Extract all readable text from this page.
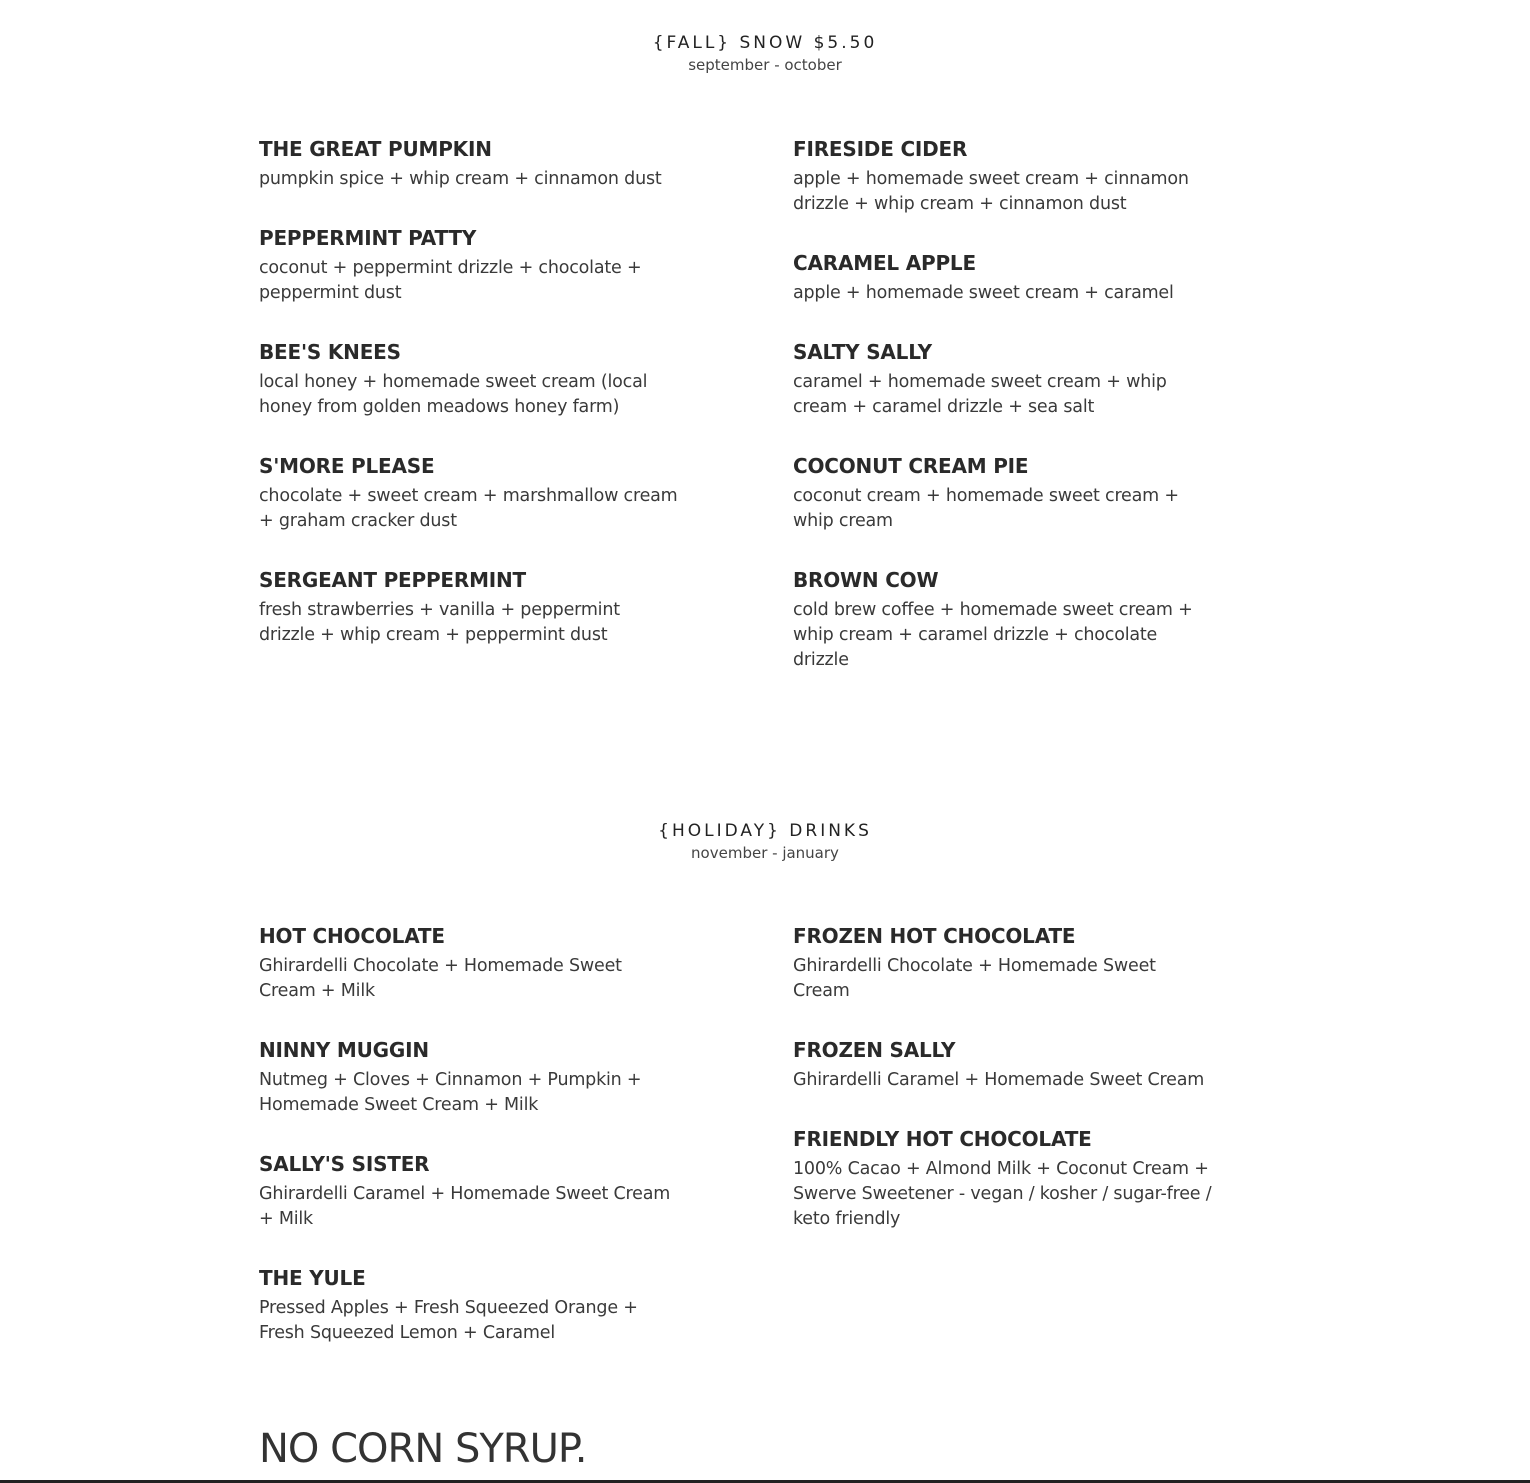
{FALL} SNOW $5.50

september - october

THE GREAT PUMPKIN

pumpkin spice + whip cream + cinnamon dust

PEPPERMINT PATTY

coconut + peppermint drizzle + chocolate + peppermint dust

BEE'S KNEES

local honey + homemade sweet cream (local honey from golden meadows honey farm)

S'MORE PLEASE

chocolate + sweet cream + marshmallow cream + graham cracker dust

SERGEANT PEPPERMINT

fresh strawberries + vanilla + peppermint drizzle + whip cream + peppermint dust

FIRESIDE CIDER

apple + homemade sweet cream + cinnamon drizzle + whip cream + cinnamon dust

CARAMEL APPLE

apple + homemade sweet cream + caramel

SALTY SALLY

caramel + homemade sweet cream + whip cream + caramel drizzle + sea salt

COCONUT CREAM PIE

coconut cream + homemade sweet cream + whip cream

BROWN COW

cold brew coffee + homemade sweet cream + whip cream + caramel drizzle + chocolate drizzle

{HOLIDAY} DRINKS

november - january

HOT CHOCOLATE

Ghirardelli Chocolate + Homemade Sweet Cream + Milk

NINNY MUGGIN

Nutmeg + Cloves + Cinnamon + Pumpkin + Homemade Sweet Cream + Milk

SALLY'S SISTER

Ghirardelli Caramel + Homemade Sweet Cream + Milk

THE YULE

Pressed Apples + Fresh Squeezed Orange + Fresh Squeezed Lemon + Caramel

FROZEN HOT CHOCOLATE

Ghirardelli Chocolate + Homemade Sweet Cream

FROZEN SALLY

Ghirardelli Caramel + Homemade Sweet Cream

FRIENDLY HOT CHOCOLATE

100% Cacao + Almond Milk + Coconut Cream + Swerve Sweetener - vegan / kosher / sugar-free / keto friendly

NO CORN SYRUP.
